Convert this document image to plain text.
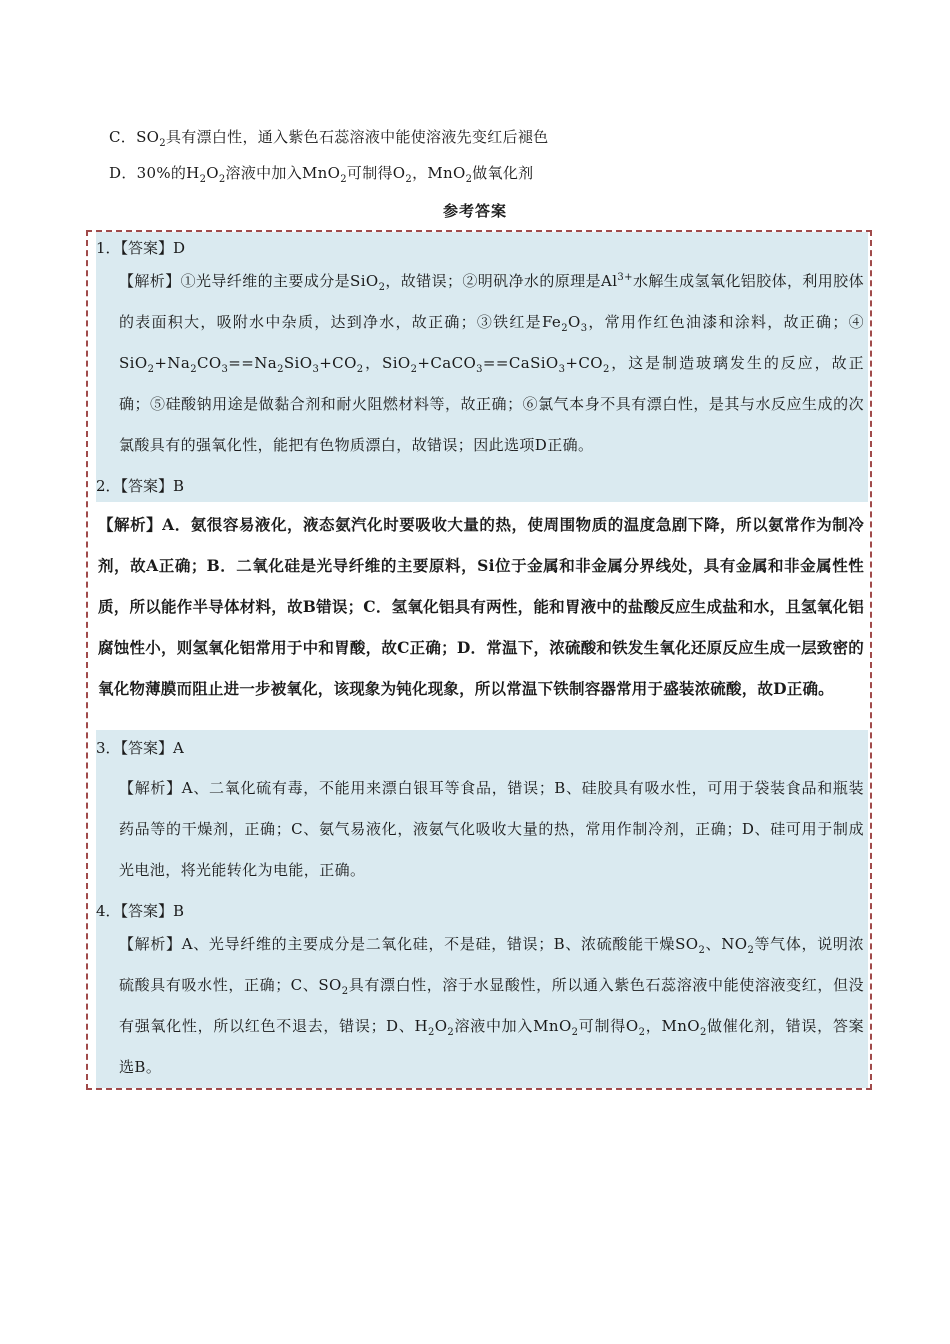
C．$SO_2$具有漂白性，通入紫色石蕊溶液中能使溶液先变红后褪色
D．30%的$H_2O_2$溶液中加入MnO$_2$可制得$O_2$，MnO$_2$做氧化剂
参考答案
1．【答案】D
【解析】①光导纤维的主要成分是SiO$_2$，故错误；②明矾净水的原理是$Al^{3+}$水解生成氢氧化铝胶体，利用胶体的表面积大，吸附水中杂质，达到净水，故正确；③铁红是$Fe_2O_3$，常用作红色油漆和涂料，故正确；④ $SiO_2+Na_2CO_3==Na_2SiO_3+CO_2$，$SiO_2+CaCO_3==CaSiO_3+CO_2$，这是制造玻璃发生的反应，故正确；⑤硅酸钠用途是做黏合剂和耐火阻燃材料等，故正确；⑥氯气本身不具有漂白性，是其与水反应生成的次氯酸具有的强氧化性，能把有色物质漂白，故错误；因此选项D正确。
2．【答案】B
【解析】A．氨很容易液化，液态氨汽化时要吸收大量的热，使周围物质的温度急剧下降，所以氨常作为制冷剂，故A正确；B．二氧化硅是光导纤维的主要原料，Si位于金属和非金属分界线处，具有金属和非金属性性质，所以能作半导体材料，故B错误；C．氢氧化铝具有两性，能和胃液中的盐酸反应生成盐和水，且氢氧化铝腐蚀性小，则氢氧化铝常用于中和胃酸，故C正确；D．常温下，浓硫酸和铁发生氧化还原反应生成一层致密的氧化物薄膜而阻止进一步被氧化，该现象为钝化现象，所以常温下铁制容器常用于盛装浓硫酸，故D正确。
3．【答案】A
【解析】A、二氧化硫有毒，不能用来漂白银耳等食品，错误；B、硅胶具有吸水性，可用于袋装食品和瓶装药品等的干燥剂，正确；C、氨气易液化，液氨气化吸收大量的热，常用作制冷剂，正确；D、硅可用于制成光电池，将光能转化为电能，正确。
4．【答案】B
【解析】A、光导纤维的主要成分是二氧化硅，不是硅，错误；B、浓硫酸能干燥$SO_2$、$NO_2$等气体，说明浓硫酸具有吸水性，正确；C、$SO_2$具有漂白性，溶于水显酸性，所以通入紫色石蕊溶液中能使溶液变红，但没有强氧化性，所以红色不退去，错误；D、$H_2O_2$溶液中加入MnO$_2$可制得$O_2$，MnO$_2$做催化剂，错误，答案选B。
